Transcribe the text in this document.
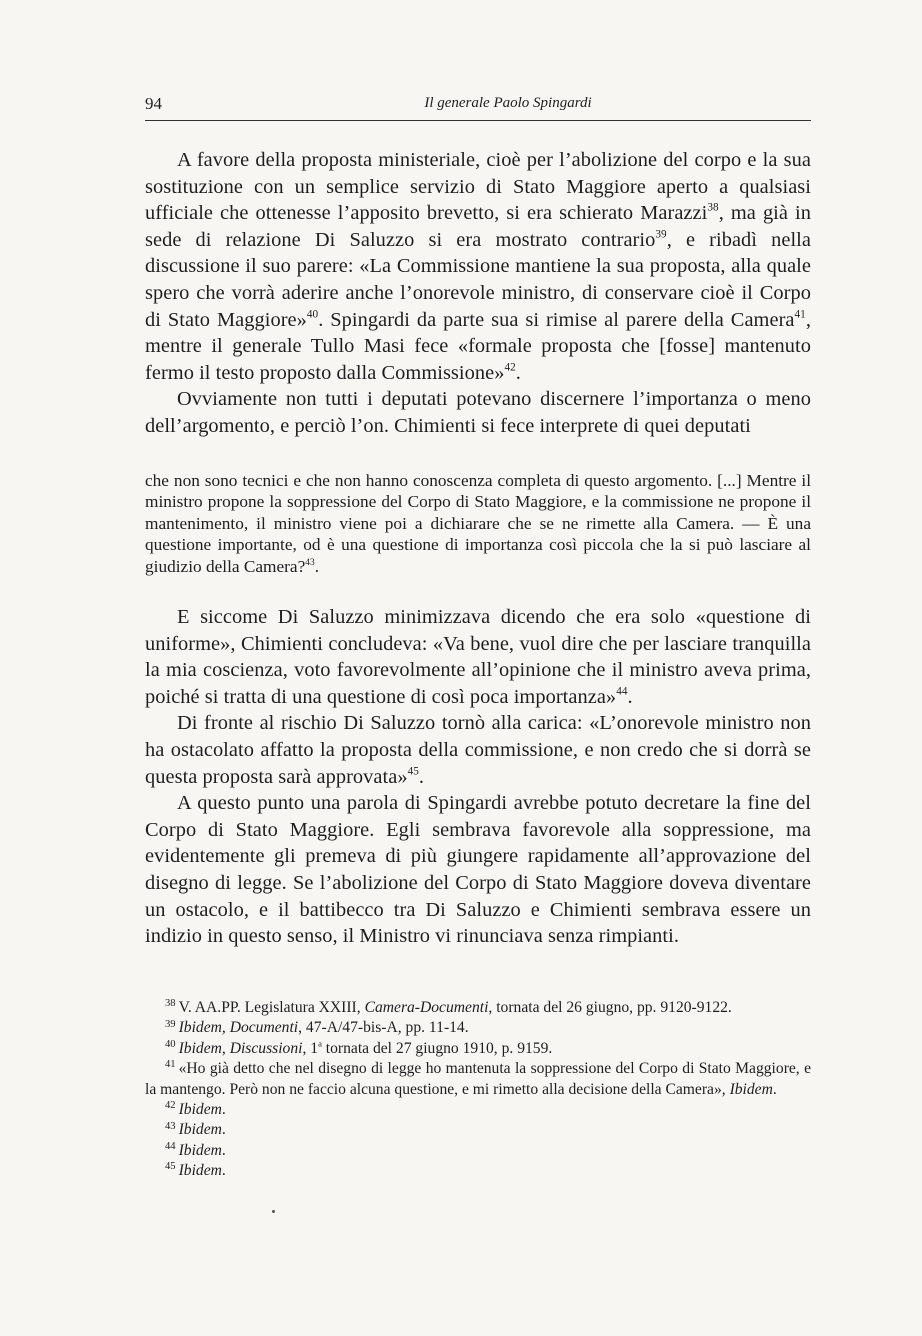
94	Il generale Paolo Spingardi

A favore della proposta ministeriale, cioè per l’abolizione del corpo e la sua sostituzione con un semplice servizio di Stato Maggiore aperto a qualsiasi ufficiale che ottenesse l’apposito brevetto, si era schierato Marazzi$^{38}$, ma già in sede di relazione Di Saluzzo si era mostrato contrario$^{39}$, e ribadì nella discussione il suo parere: «La Commissione mantiene la sua proposta, alla quale spero che vorrà aderire anche l’onorevole ministro, di conservare cioè il Corpo di Stato Maggiore»$^{40}$. Spingardi da parte sua si rimise al parere della Camera$^{41}$, mentre il generale Tullo Masi fece «formale proposta che [fosse] mantenuto fermo il testo proposto dalla Commissione»$^{42}$.

Ovviamente non tutti i deputati potevano discernere l’importanza o meno dell’argomento, e perciò l’on. Chimienti si fece interprete di quei deputati

che non sono tecnici e che non hanno conoscenza completa di questo argomento. [...] Mentre il ministro propone la soppressione del Corpo di Stato Maggiore, e la commissione ne propone il mantenimento, il ministro viene poi a dichiarare che se ne rimette alla Camera. — È una questione importante, od è una questione di importanza così piccola che la si può lasciare al giudizio della Camera?$^{43}$.

E siccome Di Saluzzo minimizzava dicendo che era solo «questione di uniforme», Chimienti concludeva: «Va bene, vuol dire che per lasciare tranquilla la mia coscienza, voto favorevolmente all’opinione che il ministro aveva prima, poiché si tratta di una questione di così poca importanza»$^{44}$.

Di fronte al rischio Di Saluzzo tornò alla carica: «L’onorevole ministro non ha ostacolato affatto la proposta della commissione, e non credo che si dorrà se questa proposta sarà approvata»$^{45}$.

A questo punto una parola di Spingardi avrebbe potuto decretare la fine del Corpo di Stato Maggiore. Egli sembrava favorevole alla soppressione, ma evidentemente gli premeva di più giungere rapidamente all’approvazione del disegno di legge. Se l’abolizione del Corpo di Stato Maggiore doveva diventare un ostacolo, e il battibecco tra Di Saluzzo e Chimienti sembrava essere un indizio in questo senso, il Ministro vi rinunciava senza rimpianti.

$^{38}$ V. AA.PP. Legislatura XXIII, Camera-Documenti, tornata del 26 giugno, pp. 9120-9122.

$^{39}$ Ibidem, Documenti, 47-A/47-bis-A, pp. 11-14.

$^{40}$ Ibidem, Discussioni, 1$^a$ tornata del 27 giugno 1910, p. 9159.

$^{41}$ «Ho già detto che nel disegno di legge ho mantenuta la soppressione del Corpo di Stato Maggiore, e la mantengo. Però non ne faccio alcuna questione, e mi rimetto alla decisione della Camera», Ibidem.

$^{42}$ Ibidem.

$^{43}$ Ibidem.

$^{44}$ Ibidem.

$^{45}$ Ibidem.
